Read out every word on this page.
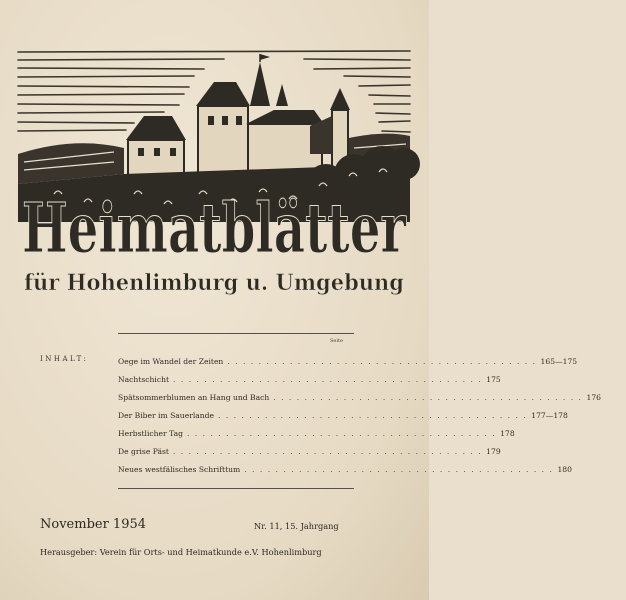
Heimatblätter
für Hohenlimburg u. Umgebung
Seite
INHALT:	Oege im Wandel der Zeiten . . .	165—175
Nachtschicht . . .	175
Spätsommerblumen an Hang und Bach . . .	176
Der Biber im Sauerlande . . .	177—178
Herbstlicher Tag . . .	178
De grise Päst . . .	179
Neues westfälisches Schrifttum . . .	180
November 1954	Nr. 11, 15. Jahrgang
Herausgeber: Verein für Orts- und Heimatkunde e.V. Hohenlimburg
